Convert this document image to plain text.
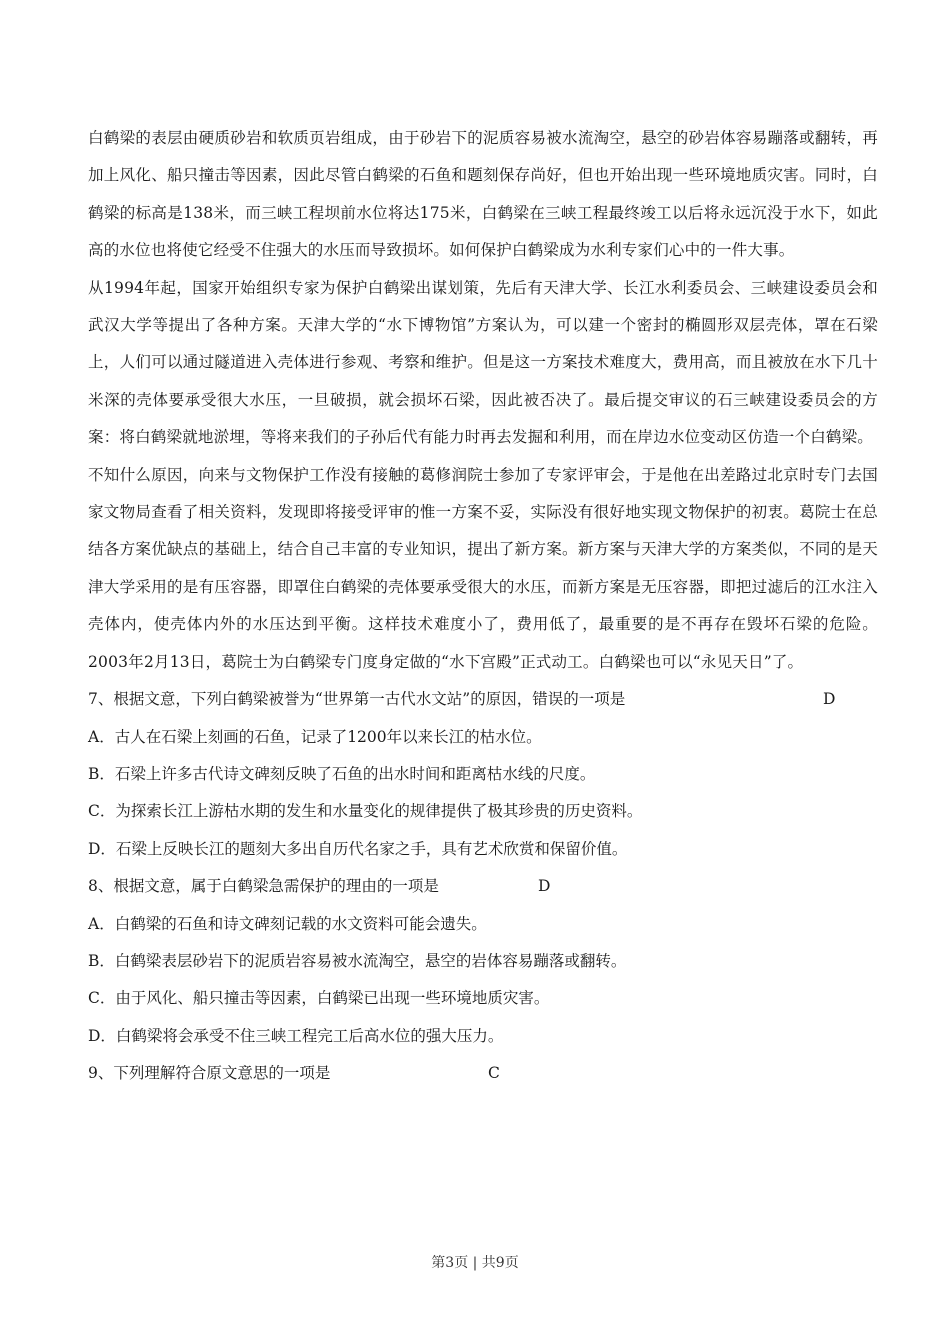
白鹤梁的表层由硬质砂岩和软质页岩组成，由于砂岩下的泥质容易被水流淘空，悬空的砂岩体容易蹦落或翻转，再加上风化、船只撞击等因素，因此尽管白鹤梁的石鱼和题刻保存尚好，但也开始出现一些环境地质灾害。同时，白鹤梁的标高是138米，而三峡工程坝前水位将达175米，白鹤梁在三峡工程最终竣工以后将永远沉没于水下，如此高的水位也将使它经受不住强大的水压而导致损坏。如何保护白鹤梁成为水利专家们心中的一件大事。

从1994年起，国家开始组织专家为保护白鹤梁出谋划策，先后有天津大学、长江水利委员会、三峡建设委员会和武汉大学等提出了各种方案。天津大学的“水下博物馆”方案认为，可以建一个密封的椭圆形双层壳体，罩在石梁上，人们可以通过隧道进入壳体进行参观、考察和维护。但是这一方案技术难度大，费用高，而且被放在水下几十米深的壳体要承受很大水压，一旦破损，就会损坏石梁，因此被否决了。最后提交审议的石三峡建设委员会的方案：将白鹤梁就地淤埋，等将来我们的子孙后代有能力时再去发掘和利用，而在岸边水位变动区仿造一个白鹤梁。

不知什么原因，向来与文物保护工作没有接触的葛修润院士参加了专家评审会，于是他在出差路过北京时专门去国家文物局查看了相关资料，发现即将接受评审的惟一方案不妥，实际没有很好地实现文物保护的初衷。葛院士在总结各方案优缺点的基础上，结合自己丰富的专业知识，提出了新方案。新方案与天津大学的方案类似，不同的是天津大学采用的是有压容器，即罩住白鹤梁的壳体要承受很大的水压，而新方案是无压容器，即把过滤后的江水注入壳体内，使壳体内外的水压达到平衡。这样技术难度小了，费用低了，最重要的是不再存在毁坏石梁的危险。2003年2月13日，葛院士为白鹤梁专门度身定做的“水下宫殿”正式动工。白鹤梁也可以“永见天日”了。

7、根据文意，下列白鹤梁被誉为“世界第一古代水文站”的原因，错误的一项是	D

A．古人在石梁上刻画的石鱼，记录了1200年以来长江的枯水位。

B．石梁上许多古代诗文碑刻反映了石鱼的出水时间和距离枯水线的尺度。

C．为探索长江上游枯水期的发生和水量变化的规律提供了极其珍贵的历史资料。

D．石梁上反映长江的题刻大多出自历代名家之手，具有艺术欣赏和保留价值。

8、根据文意，属于白鹤梁急需保护的理由的一项是	D

A．白鹤梁的石鱼和诗文碑刻记载的水文资料可能会遗失。

B．白鹤梁表层砂岩下的泥质岩容易被水流淘空，悬空的岩体容易蹦落或翻转。

C．由于风化、船只撞击等因素，白鹤梁已出现一些环境地质灾害。

D．白鹤梁将会承受不住三峡工程完工后高水位的强大压力。

9、下列理解符合原文意思的一项是	C

第3页 | 共9页
